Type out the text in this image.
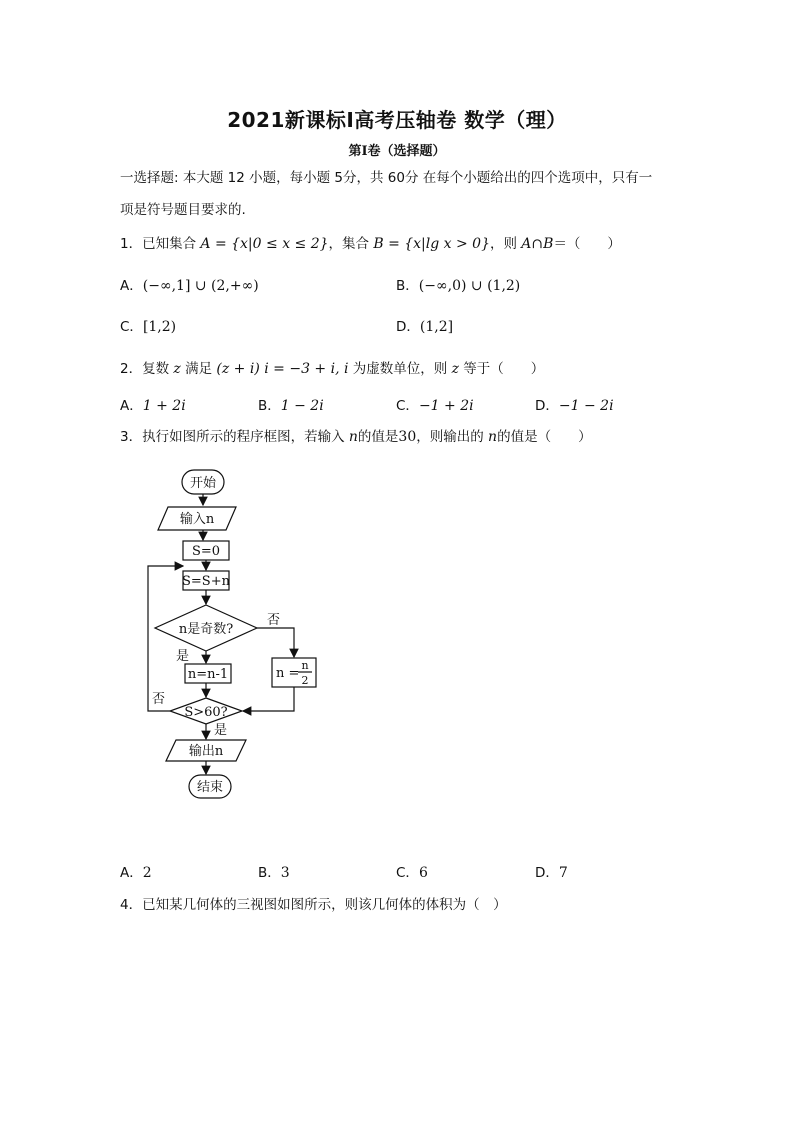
2021新课标Ⅰ高考压轴卷 数学（理）
第Ⅰ卷（选择题）
一选择题: 本大题 12 小题，每小题 5分，共 60分 在每个小题给出的四个选项中，只有一
项是符号题目要求的.
1．已知集合 A = {x|0 ≤ x ≤ 2}，集合 B = {x|lg x > 0}，则 A∩B＝（　　）
A．(−∞,1] ∪ (2,+∞)	B．(−∞,0) ∪ (1,2)
C．[1,2)	D．(1,2]
2．复数 z 满足 (z + i) i = −3 + i, i 为虚数单位，则 z 等于（　　）
A．1 + 2i	B．1 − 2i	C．−1 + 2i	D．−1 − 2i
3．执行如图所示的程序框图，若输入 n的值是30，则输出的 n的值是（　　）
开始
输入n
S=0
S=S+n
n是奇数?
是
否
n=n-1	n =
n
2
S>60?
否
是
输出n
结束
A．2	B．3	C．6	D．7
4．已知某几何体的三视图如图所示，则该几何体的体积为（　）
